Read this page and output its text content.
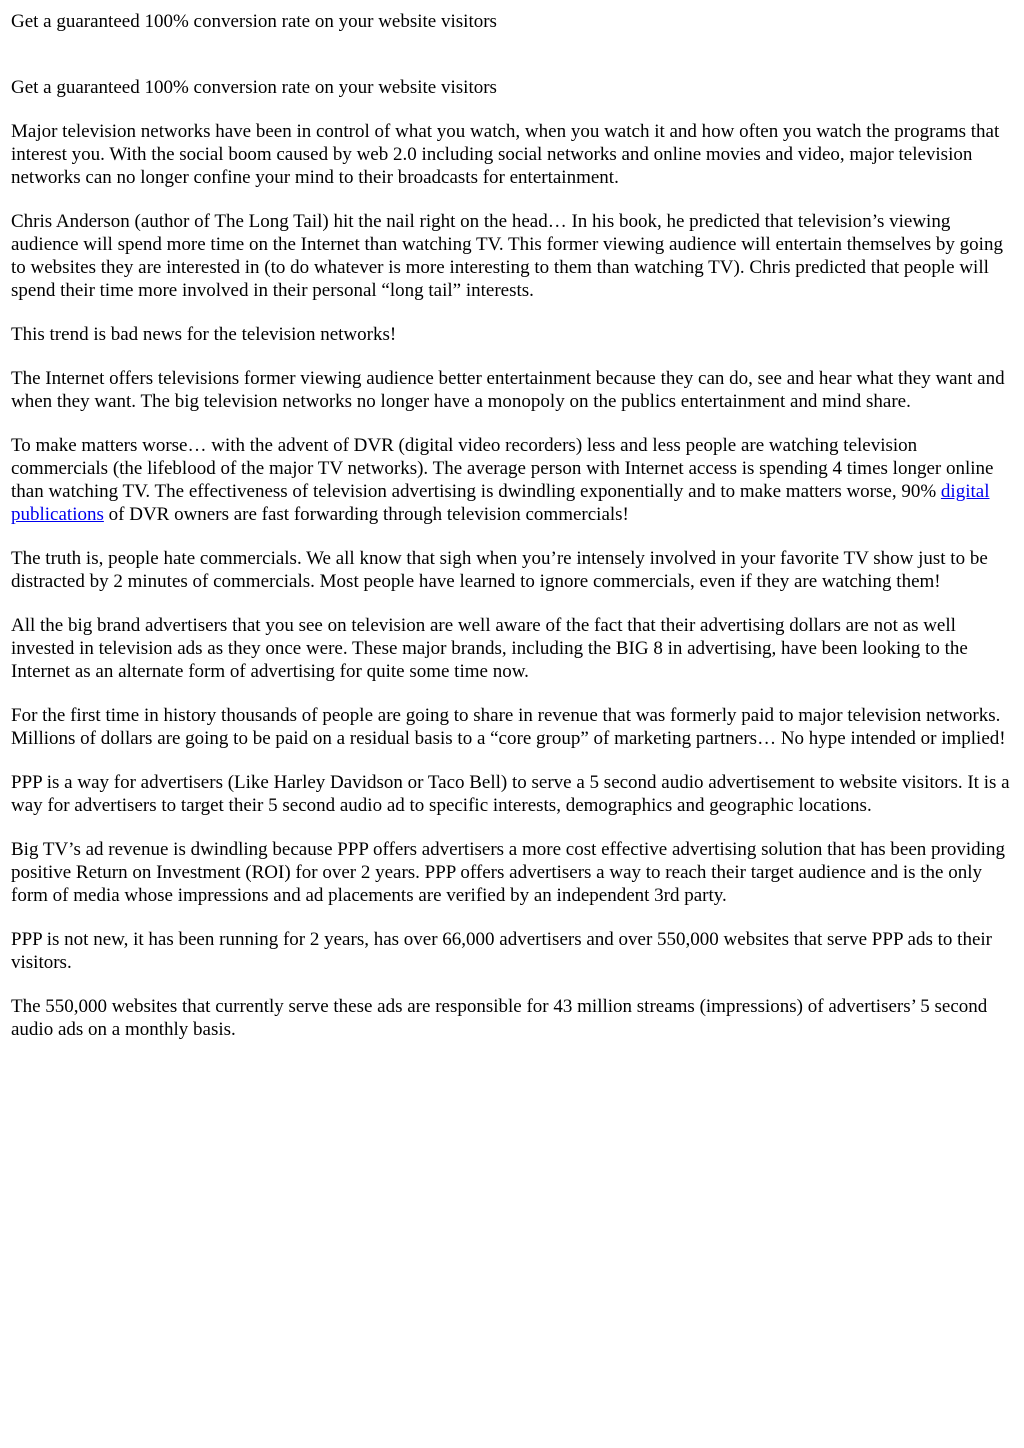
Get a guaranteed 100% conversion rate on your website visitors
Get a guaranteed 100% conversion rate on your website visitors

Major television networks have been in control of what you watch, when you watch it and how often you watch the programs that interest you. With the social boom caused by web 2.0 including social networks and online movies and video, major television networks can no longer confine your mind to their broadcasts for entertainment.

Chris Anderson (author of The Long Tail) hit the nail right on the head… In his book, he predicted that television’s viewing audience will spend more time on the Internet than watching TV. This former viewing audience will entertain themselves by going to websites they are interested in (to do whatever is more interesting to them than watching TV). Chris predicted that people will spend their time more involved in their personal “long tail” interests.

This trend is bad news for the television networks!

The Internet offers televisions former viewing audience better entertainment because they can do, see and hear what they want and when they want. The big television networks no longer have a monopoly on the publics entertainment and mind share.

To make matters worse… with the advent of DVR (digital video recorders) less and less people are watching television commercials (the lifeblood of the major TV networks). The average person with Internet access is spending 4 times longer online than watching TV. The effectiveness of television advertising is dwindling exponentially and to make matters worse, 90% digital publications of DVR owners are fast forwarding through television commercials!

The truth is, people hate commercials. We all know that sigh when you’re intensely involved in your favorite TV show just to be distracted by 2 minutes of commercials. Most people have learned to ignore commercials, even if they are watching them!

All the big brand advertisers that you see on television are well aware of the fact that their advertising dollars are not as well invested in television ads as they once were. These major brands, including the BIG 8 in advertising, have been looking to the Internet as an alternate form of advertising for quite some time now.

For the first time in history thousands of people are going to share in revenue that was formerly paid to major television networks. Millions of dollars are going to be paid on a residual basis to a “core group” of marketing partners… No hype intended or implied!

PPP is a way for advertisers (Like Harley Davidson or Taco Bell) to serve a 5 second audio advertisement to website visitors. It is a way for advertisers to target their 5 second audio ad to specific interests, demographics and geographic locations.

Big TV’s ad revenue is dwindling because PPP offers advertisers a more cost effective advertising solution that has been providing positive Return on Investment (ROI) for over 2 years. PPP offers advertisers a way to reach their target audience and is the only form of media whose impressions and ad placements are verified by an independent 3rd party.

PPP is not new, it has been running for 2 years, has over 66,000 advertisers and over 550,000 websites that serve PPP ads to their visitors.

The 550,000 websites that currently serve these ads are responsible for 43 million streams (impressions) of advertisers’ 5 second audio ads on a monthly basis.
